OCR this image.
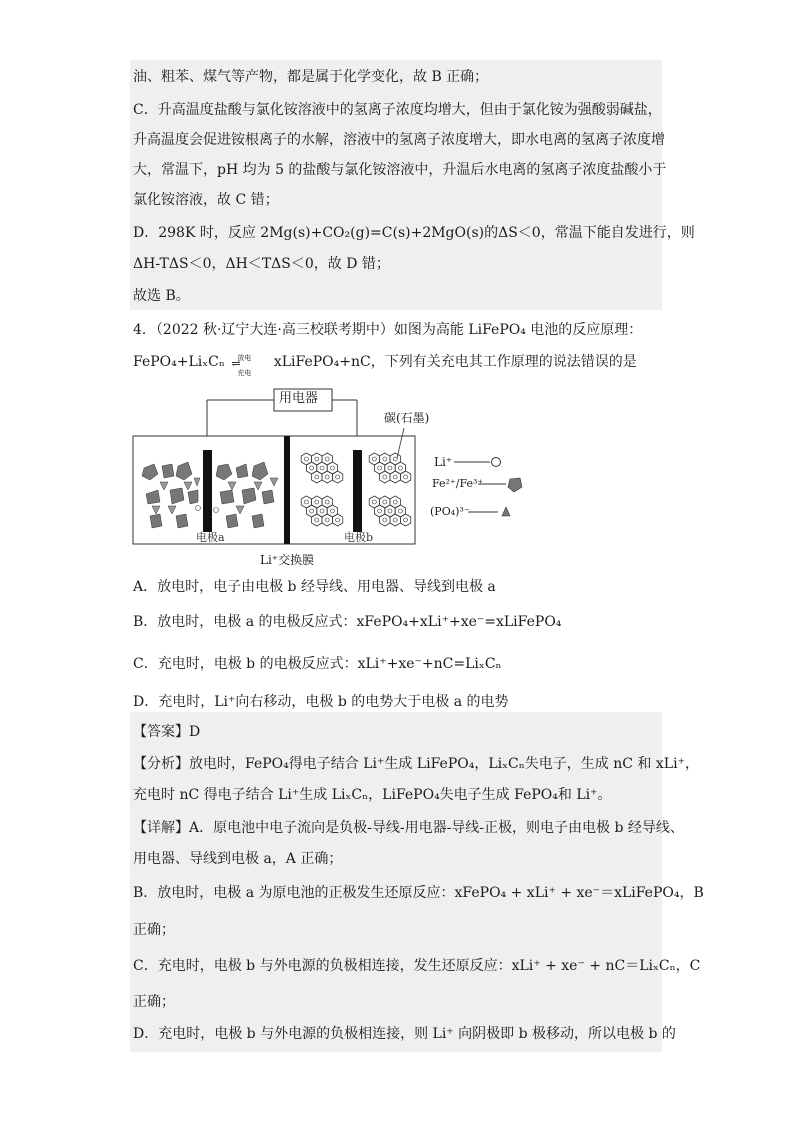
油、粗苯、煤气等产物，都是属于化学变化，故 B 正确；
C．升高温度盐酸与氯化铵溶液中的氢离子浓度均增大，但由于氯化铵为强酸弱碱盐，
升高温度会促进铵根离子的水解，溶液中的氢离子浓度增大，即水电离的氢离子浓度增
大，常温下，pH 均为 5 的盐酸与氯化铵溶液中，升温后水电离的氢离子浓度盐酸小于
氯化铵溶液，故 C 错；
D．298K 时，反应 2Mg(s)+CO₂(g)=C(s)+2MgO(s)的ΔS＜0，常温下能自发进行，则
ΔH-TΔS＜0，ΔH＜TΔS＜0，故 D 错；
故选 B。
4．（2022 秋·辽宁大连·高三校联考期中）如图为高能 LiFePO₄ 电池的反应原理：
FePO₄+LiₓCₙ 放电
⇌
充电
xLiFePO₄+nC，下列有关充电其工作原理的说法错误的是
用电器
碳(石墨)
电极a	电极b
Li⁺交换膜
Li⁺
Fe²⁺/Fe³⁺
(PO₄)³⁻
A．放电时，电子由电极 b 经导线、用电器、导线到电极 a
B．放电时，电极 a 的电极反应式：xFePO₄+xLi⁺+xe⁻=xLiFePO₄
C．充电时，电极 b 的电极反应式：xLi⁺+xe⁻+nC=LiₓCₙ
D．充电时，Li⁺向右移动，电极 b 的电势大于电极 a 的电势
【答案】D
【分析】放电时，FePO₄得电子结合 Li⁺生成 LiFePO₄，LiₓCₙ失电子，生成 nC 和 xLi⁺，
充电时 nC 得电子结合 Li⁺生成 LiₓCₙ，LiFePO₄失电子生成 FePO₄和 Li⁺。
【详解】A．原电池中电子流向是负极-导线-用电器-导线-正极，则电子由电极 b 经导线、
用电器、导线到电极 a，A 正确；
B．放电时，电极 a 为原电池的正极发生还原反应：xFePO₄ + xLi⁺ + xe⁻＝xLiFePO₄，B
正确；
C．充电时，电极 b 与外电源的负极相连接，发生还原反应：xLi⁺ + xe⁻ + nC＝LiₓCₙ，C
正确；
D．充电时，电极 b 与外电源的负极相连接，则 Li⁺ 向阴极即 b 极移动，所以电极 b 的
